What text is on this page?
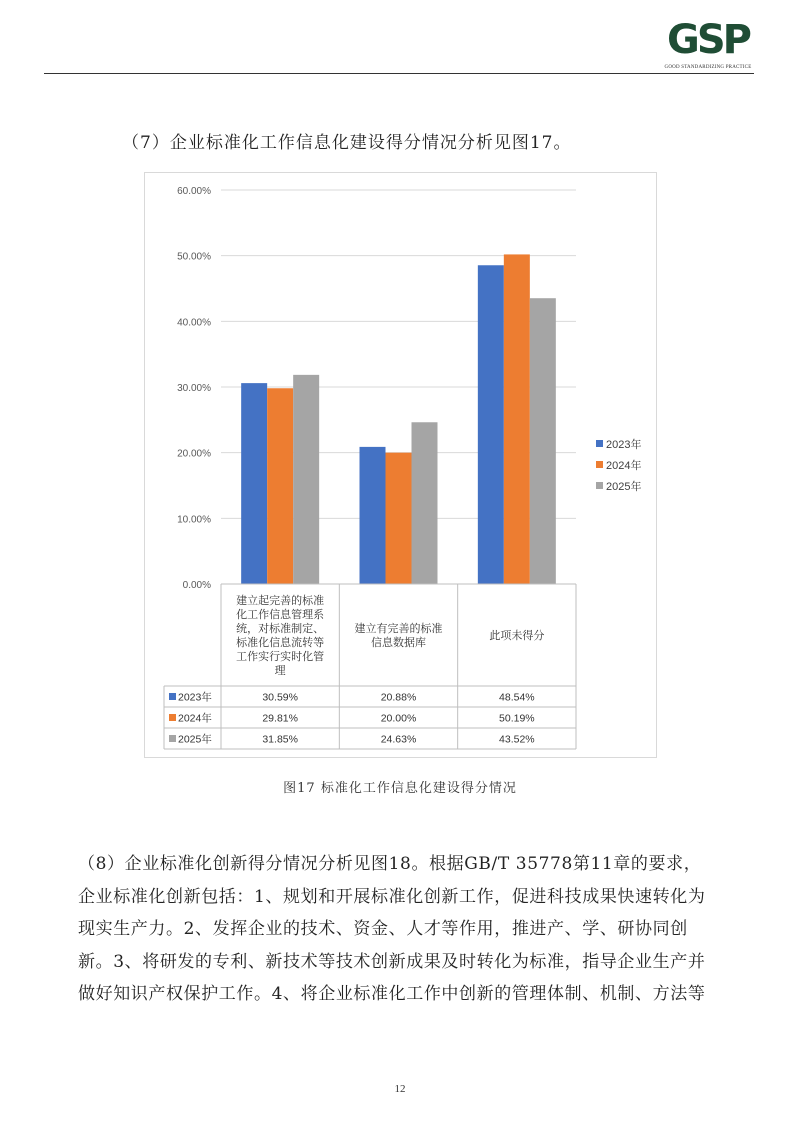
GSP
GOOD STANDARDIZING PRACTICE
（7）企业标准化工作信息化建设得分情况分析见图17。
0.00%
10.00%
20.00%
30.00%
40.00%
50.00%
60.00%
建立起完善的标准
化工作信息管理系
统，对标准制定、
标准化信息流转等
工作实行实时化管
理
建立有完善的标准
信息数据库
此项未得分
2023年	30.59%	20.88%	48.54%
2024年	29.81%	20.00%	50.19%
2025年	31.85%	24.63%	43.52%
2023年
2024年
2025年
图17 标准化工作信息化建设得分情况

（8）企业标准化创新得分情况分析见图18。根据GB/T 35778第11章的要求，

企业标准化创新包括：1、规划和开展标准化创新工作，促进科技成果快速转化为

现实生产力。2、发挥企业的技术、资金、人才等作用，推进产、学、研协同创

新。3、将研发的专利、新技术等技术创新成果及时转化为标准，指导企业生产并

做好知识产权保护工作。4、将企业标准化工作中创新的管理体制、机制、方法等

12
